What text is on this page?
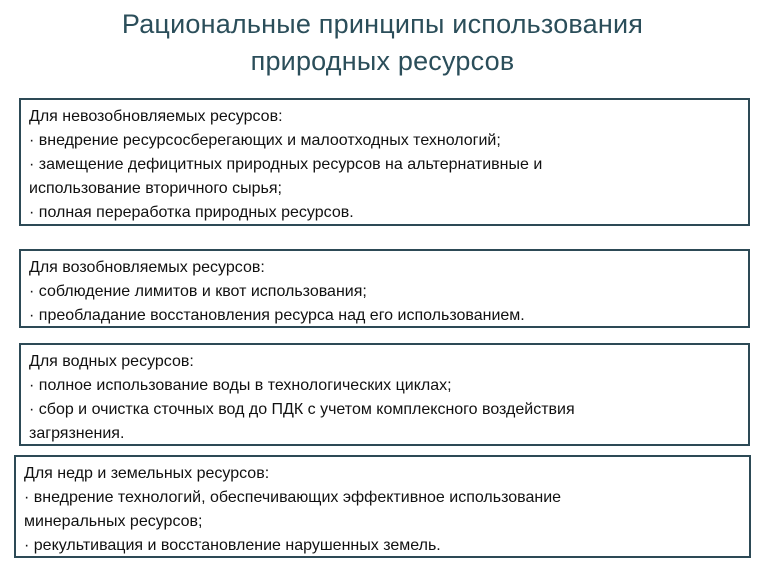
Рациональные принципы использования
природных ресурсов
Для невозобновляемых ресурсов:
· внедрение ресурсосберегающих и малоотходных технологий;
· замещение дефицитных природных ресурсов на альтернативные и
использование вторичного сырья;
· полная переработка природных ресурсов.
Для возобновляемых ресурсов:
· соблюдение лимитов и квот использования;
· преобладание восстановления ресурса над его использованием.
Для водных ресурсов:
· полное использование воды в технологических циклах;
· сбор и очистка сточных вод до ПДК с учетом комплексного воздействия
загрязнения.
Для недр и земельных ресурсов:
· внедрение технологий, обеспечивающих эффективное использование
минеральных ресурсов;
· рекультивация и восстановление нарушенных земель.
